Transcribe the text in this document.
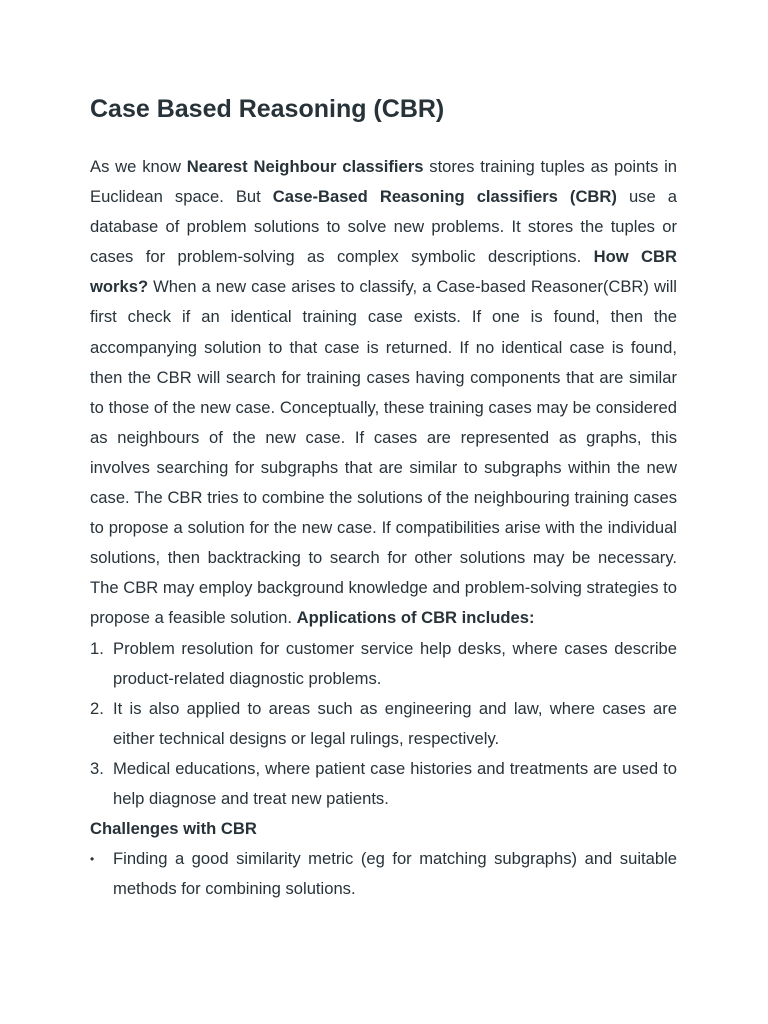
Case Based Reasoning (CBR)

As we know Nearest Neighbour classifiers stores training tuples as points in Euclidean space. But Case-Based Reasoning classifiers (CBR) use a database of problem solutions to solve new problems. It stores the tuples or cases for problem-solving as complex symbolic descriptions. How CBR works? When a new case arises to classify, a Case-based Reasoner(CBR) will first check if an identical training case exists. If one is found, then the accompanying solution to that case is returned. If no identical case is found, then the CBR will search for training cases having components that are similar to those of the new case. Conceptually, these training cases may be considered as neighbours of the new case. If cases are represented as graphs, this involves searching for subgraphs that are similar to subgraphs within the new case. The CBR tries to combine the solutions of the neighbouring training cases to propose a solution for the new case. If compatibilities arise with the individual solutions, then backtracking to search for other solutions may be necessary. The CBR may employ background knowledge and problem-solving strategies to propose a feasible solution. Applications of CBR includes:

1. Problem resolution for customer service help desks, where cases describe product-related diagnostic problems.
2. It is also applied to areas such as engineering and law, where cases are either technical designs or legal rulings, respectively.
3. Medical educations, where patient case histories and treatments are used to help diagnose and treat new patients.

Challenges with CBR

• Finding a good similarity metric (eg for matching subgraphs) and suitable methods for combining solutions.
